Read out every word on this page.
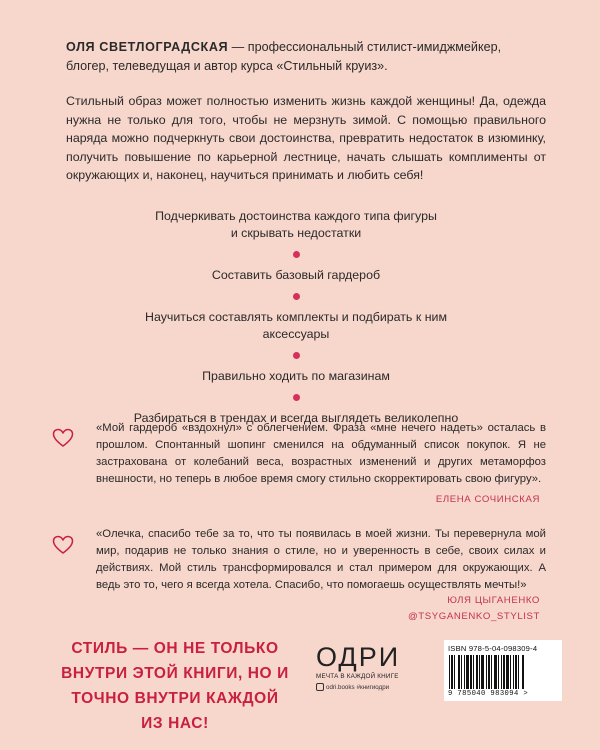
ОЛЯ СВЕТЛОГРАДСКАЯ — профессиональный стилист-имиджмейкер, блогер, телеведущая и автор курса «Стильный круиз».
Стильный образ может полностью изменить жизнь каждой женщины! Да, одежда нужна не только для того, чтобы не мерзнуть зимой. С помощью правильного наряда можно подчеркнуть свои достоинства, превратить недостаток в изюминку, получить повышение по карьерной лестнице, начать слышать комплименты от окружающих и, наконец, научиться принимать и любить себя!
Подчеркивать достоинства каждого типа фигуры
и скрывать недостатки
Составить базовый гардероб
Научиться составлять комплекты и подбирать к ним аксессуары
Правильно ходить по магазинам
Разбираться в трендах и всегда выглядеть великолепно
«Мой гардероб «вздохнул» с облегчением. Фраза «мне нечего надеть» осталась в прошлом. Спонтанный шопинг сменился на обдуманный список покупок. Я не застрахована от колебаний веса, возрастных изменений и других метаморфоз внешности, но теперь в любое время смогу стильно скорректировать свою фигуру».
ЕЛЕНА СОЧИНСКАЯ
«Олечка, спасибо тебе за то, что ты появилась в моей жизни. Ты перевернула мой мир, подарив не только знания о стиле, но и уверенность в себе, своих силах и действиях. Мой стиль трансформировался и стал примером для окружающих. А ведь это то, чего я всегда хотела. Спасибо, что помогаешь осуществлять мечты!»
ЮЛЯ ЦЫГАНЕНКО
@TSYGANENKO_STYLIST
СТИЛЬ — ОН НЕ ТОЛЬКО ВНУТРИ ЭТОЙ КНИГИ, НО И ТОЧНО ВНУТРИ КАЖДОЙ ИЗ НАС!
ОДРИ
МЕЧТА В КАЖДОЙ КНИГЕ
odri.books #книгиодри
ISBN 978-5-04-098309-4
9 785040 983094 >
